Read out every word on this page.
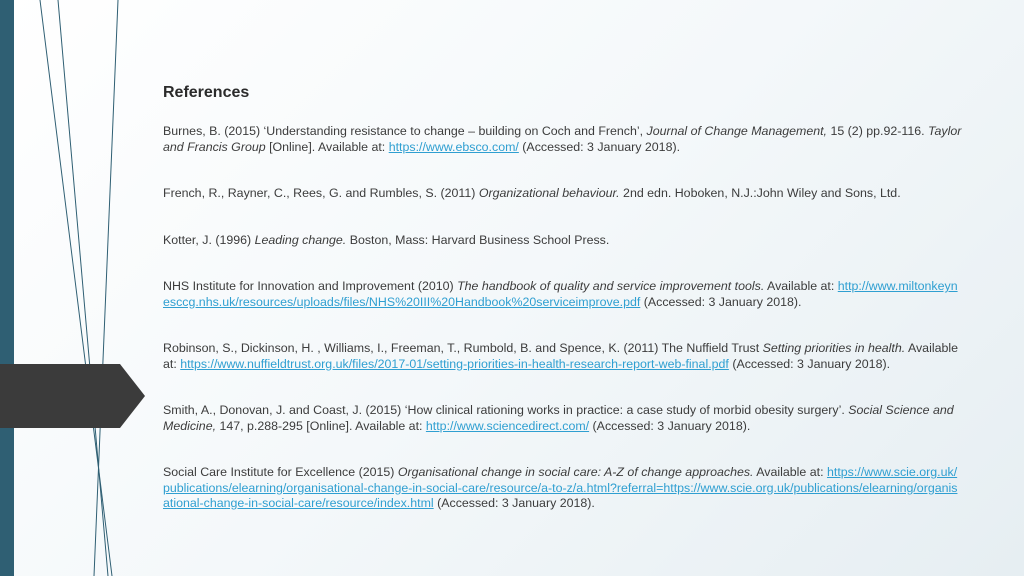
References

Burnes, B. (2015) ‘Understanding resistance to change – building on Coch and French’, Journal of Change Management, 15 (2) pp.92-116. Taylor and Francis Group [Online]. Available at: https://www.ebsco.com/ (Accessed: 3 January 2018).

French, R., Rayner, C., Rees, G. and Rumbles, S. (2011) Organizational behaviour. 2nd edn. Hoboken, N.J.:John Wiley and Sons, Ltd.

Kotter, J. (1996) Leading change. Boston, Mass: Harvard Business School Press.

NHS Institute for Innovation and Improvement (2010) The handbook of quality and service improvement tools. Available at: http://www.miltonkeynesccg.nhs.uk/resources/uploads/files/NHS%20III%20Handbook%20serviceimprove.pdf (Accessed: 3 January 2018).

Robinson, S., Dickinson, H. , Williams, I., Freeman, T., Rumbold, B. and Spence, K. (2011) The Nuffield Trust Setting priorities in health. Available at: https://www.nuffieldtrust.org.uk/files/2017-01/setting-priorities-in-health-research-report-web-final.pdf (Accessed: 3 January 2018).

Smith, A., Donovan, J. and Coast, J. (2015) ‘How clinical rationing works in practice: a case study of morbid obesity surgery’. Social Science and Medicine, 147, p.288-295 [Online]. Available at: http://www.sciencedirect.com/ (Accessed: 3 January 2018).

Social Care Institute for Excellence (2015) Organisational change in social care: A-Z of change approaches. Available at: https://www.scie.org.uk/publications/elearning/organisational-change-in-social-care/resource/a-to-z/a.html?referral=https://www.scie.org.uk/publications/elearning/organisational-change-in-social-care/resource/index.html (Accessed: 3 January 2018).
